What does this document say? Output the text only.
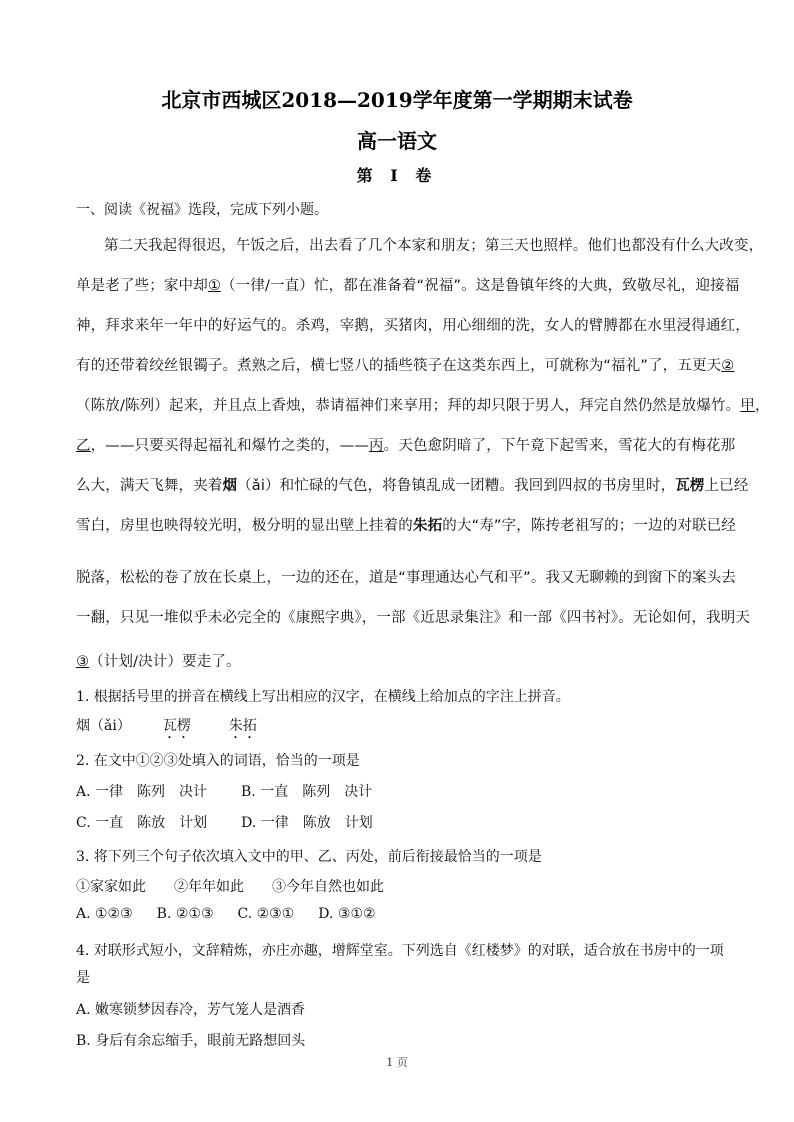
北京市西城区2018—2019学年度第一学期期末试卷
高一语文
第 Ⅰ 卷
一、阅读《祝福》选段，完成下列小题。
第二天我起得很迟，午饭之后，出去看了几个本家和朋友；第三天也照样。他们也都没有什么大改变，
单是老了些；家中却①（一律/一直）忙，都在准备着“祝福”。这是鲁镇年终的大典，致敬尽礼，迎接福
神，拜求来年一年中的好运气的。杀鸡，宰鹅，买猪肉，用心细细的洗，女人的臂膊都在水里浸得通红，
有的还带着绞丝银镯子。煮熟之后，横七竖八的插些筷子在这类东西上，可就称为“福礼”了，五更天②
（陈放/陈列）起来，并且点上香烛，恭请福神们来享用；拜的却只限于男人，拜完自然仍然是放爆竹。甲，
乙，——只要买得起福礼和爆竹之类的，——丙。天色愈阴暗了，下午竟下起雪来，雪花大的有梅花那
么大，满天飞舞，夹着烟（ǎi）和忙碌的气色，将鲁镇乱成一团糟。我回到四叔的书房里时，瓦楞上已经
雪白，房里也映得较光明，极分明的显出壁上挂着的朱拓的大“寿”字，陈抟老祖写的；一边的对联已经
脱落，松松的卷了放在长桌上，一边的还在，道是“事理通达心气和平”。我又无聊赖的到窗下的案头去
一翻，只见一堆似乎未必完全的《康熙字典》，一部《近思录集注》和一部《四书衬》。无论如何，我明天
③（计划/决计）要走了。
1. 根据括号里的拼音在横线上写出相应的汉字，在横线上给加点的字注上拼音。
烟（ǎi） 瓦楞	朱拓
2. 在文中①②③处填入的词语，恰当的一项是
A. 一律　陈列　决计 B. 一直　陈列　决计
C. 一直　陈放　计划 D. 一律　陈放　计划
3. 将下列三个句子依次填入文中的甲、乙、丙处，前后衔接最恰当的一项是
①家家如此 ②年年如此 ③今年自然也如此
A. ①②③ B. ②①③ C. ②③① D. ③①②
4. 对联形式短小，文辞精炼，亦庄亦趣，增辉堂室。下列选自《红楼梦》的对联，适合放在书房中的一项
是
A. 嫩寒锁梦因春冷，芳气笼人是酒香
B. 身后有余忘缩手，眼前无路想回头
1 页
